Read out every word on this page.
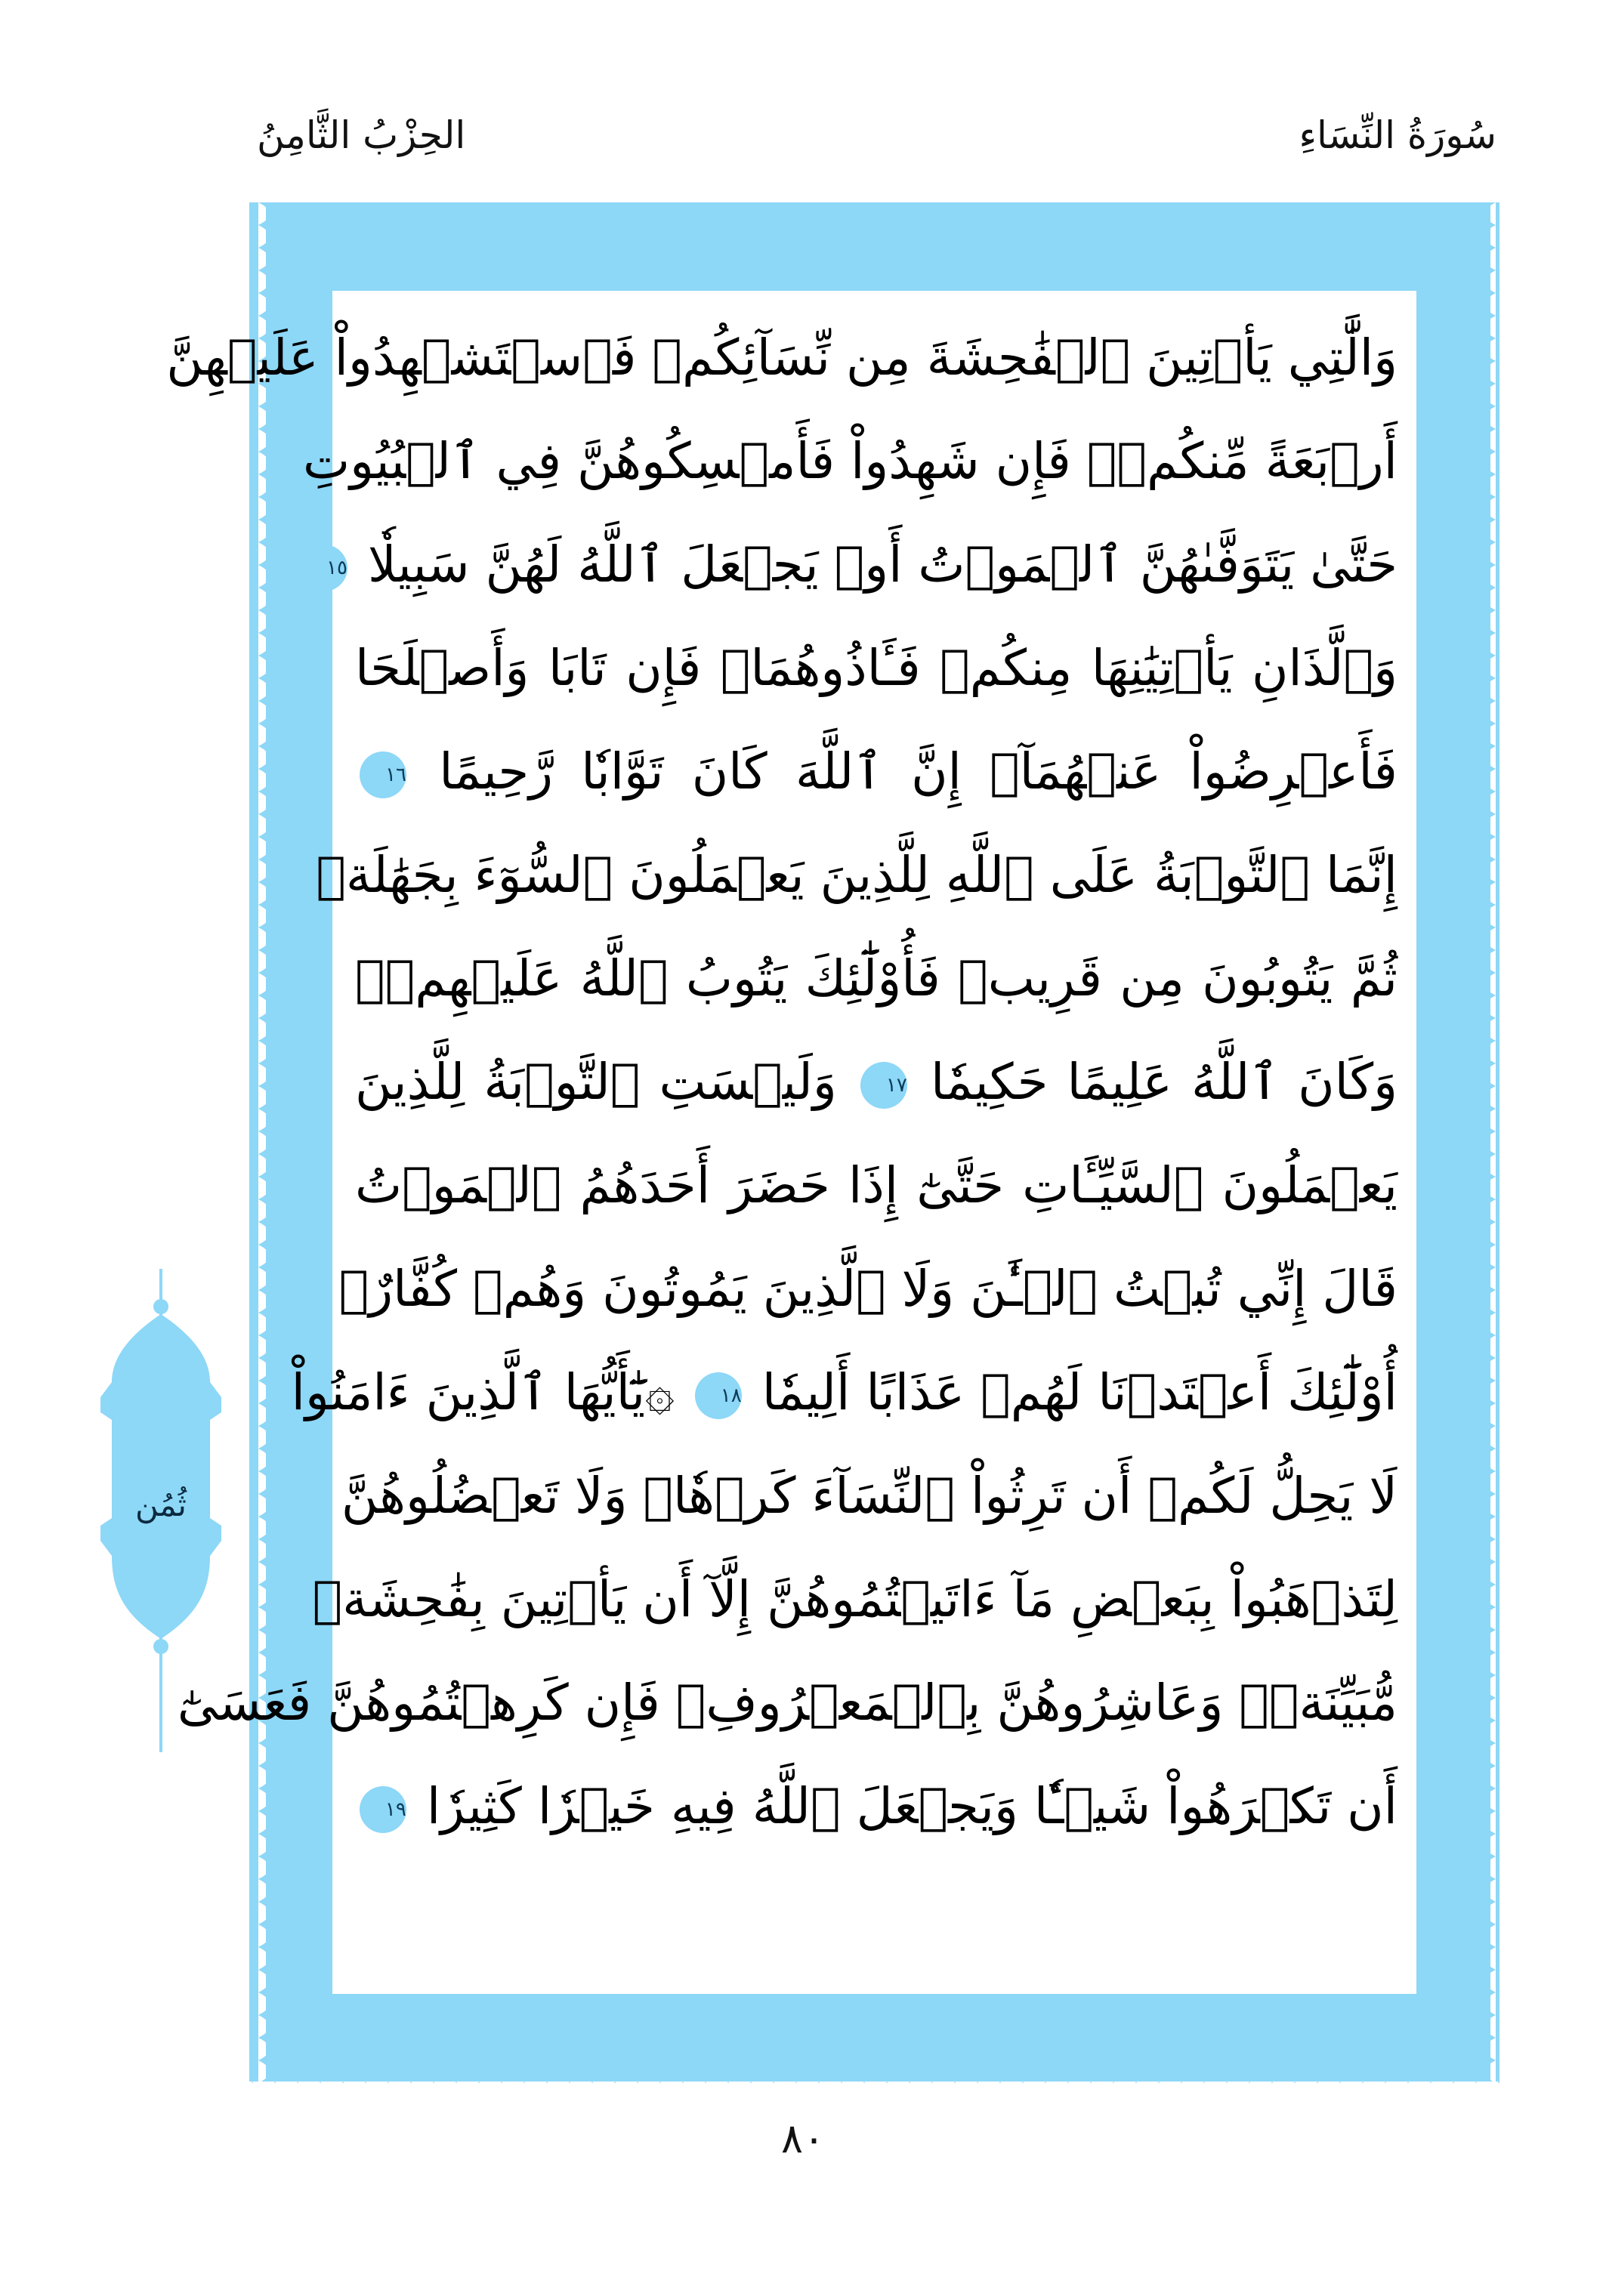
الحِزْبُ الثَّامِنُ	سُورَةُ النِّسَاءِ
وَالَّٰتِي يَأۡتِينَ ٱلۡفَٰحِشَةَ مِن نِّسَآئِكُمۡ فَٱسۡتَشۡهِدُواْ عَلَيۡهِنَّ
أَرۡبَعَةً مِّنكُمۡۖ فَإِن شَهِدُواْ فَأَمۡسِكُوهُنَّ فِي ٱلۡبُيُوتِ
حَتَّىٰ يَتَوَفَّىٰهُنَّ ٱلۡمَوۡتُ أَوۡ يَجۡعَلَ ٱللَّهُ لَهُنَّ سَبِيلٗا ١٥
وَٱلَّذَانِ يَأۡتِيَٰنِهَا مِنكُمۡ فَـَٔاذُوهُمَاۖ فَإِن تَابَا وَأَصۡلَحَا
فَأَعۡرِضُواْ عَنۡهُمَآۗ إِنَّ ٱللَّهَ كَانَ تَوَّابٗا رَّحِيمًا ١٦
إِنَّمَا ٱلتَّوۡبَةُ عَلَى ٱللَّهِ لِلَّذِينَ يَعۡمَلُونَ ٱلسُّوٓءَ بِجَهَٰلَةٖ
ثُمَّ يَتُوبُونَ مِن قَرِيبٖ فَأُوْلَٰٓئِكَ يَتُوبُ ٱللَّهُ عَلَيۡهِمۡۗ
وَكَانَ ٱللَّهُ عَلِيمًا حَكِيمٗا ١٧ وَلَيۡسَتِ ٱلتَّوۡبَةُ لِلَّذِينَ
يَعۡمَلُونَ ٱلسَّيِّـَٔاتِ حَتَّىٰٓ إِذَا حَضَرَ أَحَدَهُمُ ٱلۡمَوۡتُ
قَالَ إِنِّي تُبۡتُ ٱلۡـَٰٔنَ وَلَا ٱلَّذِينَ يَمُوتُونَ وَهُمۡ كُفَّارٌۚ
أُوْلَٰٓئِكَ أَعۡتَدۡنَا لَهُمۡ عَذَابًا أَلِيمٗا ١٨ ۞يَٰٓأَيُّهَا ٱلَّذِينَ ءَامَنُواْ
لَا يَحِلُّ لَكُمۡ أَن تَرِثُواْ ٱلنِّسَآءَ كَرۡهٗاۖ وَلَا تَعۡضُلُوهُنَّ
لِتَذۡهَبُواْ بِبَعۡضِ مَآ ءَاتَيۡتُمُوهُنَّ إِلَّآ أَن يَأۡتِينَ بِفَٰحِشَةٖ
مُّبَيِّنَةٖۚ وَعَاشِرُوهُنَّ بِٱلۡمَعۡرُوفِۚ فَإِن كَرِهۡتُمُوهُنَّ فَعَسَىٰٓ
أَن تَكۡرَهُواْ شَيۡـٔٗا وَيَجۡعَلَ ٱللَّهُ فِيهِ خَيۡرٗا كَثِيرٗا ١٩
ثُمُن
٨٠
